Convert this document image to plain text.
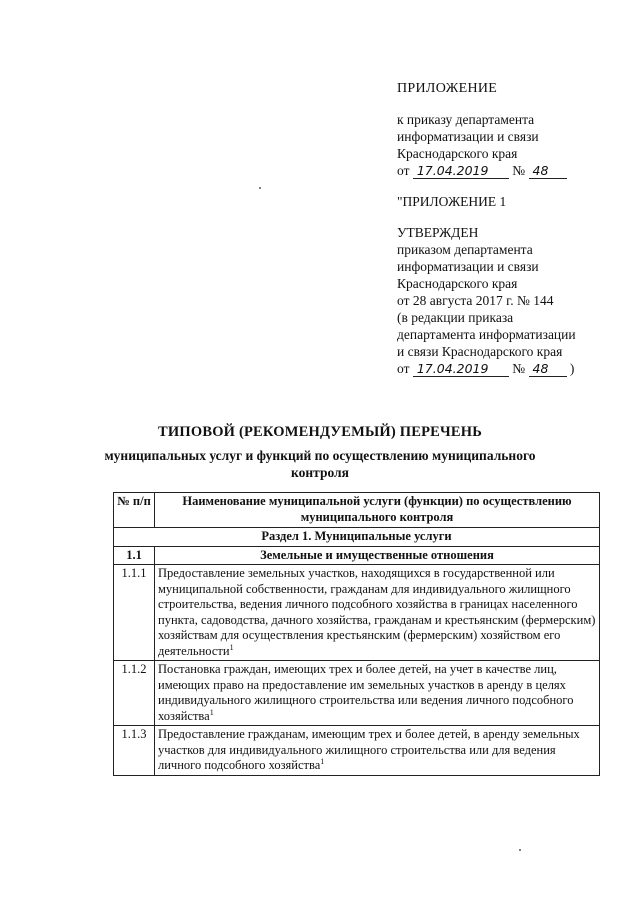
ПРИЛОЖЕНИЕ
к приказу департамента
информатизации и связи
Краснодарского края
от 17.04.2019 № 48
"ПРИЛОЖЕНИЕ 1
УТВЕРЖДЕН
приказом департамента
информатизации и связи
Краснодарского края
от 28 августа 2017 г. № 144
(в редакции приказа
департамента информатизации
и связи Краснодарского края
от 17.04.2019 № 48 )
ТИПОВОЙ (РЕКОМЕНДУЕМЫЙ) ПЕРЕЧЕНЬ
муниципальных услуг и функций по осуществлению муниципального контроля
№ п/п	Наименование муниципальной услуги (функции) по осуществлению муниципального контроля
Раздел 1. Муниципальные услуги	
1.1	Земельные и имущественные отношения
1.1.1	Предоставление земельных участков, находящихся в государственной или муниципальной собственности, гражданам для индивидуального жилищного строительства, ведения личного подсобного хозяйства в границах населенного пункта, садоводства, дачного хозяйства, гражданам и крестьянским (фермерским) хозяйствам для осуществления крестьянским (фермерским) хозяйством его деятельности$^1$
1.1.2	Постановка граждан, имеющих трех и более детей, на учет в качестве лиц, имеющих право на предоставление им земельных участков в аренду в целях индивидуального жилищного строительства или ведения личного подсобного хозяйства$^1$
1.1.3	Предоставление гражданам, имеющим трех и более детей, в аренду земельных участков для индивидуального жилищного строительства или для ведения личного подсобного хозяйства$^1$
